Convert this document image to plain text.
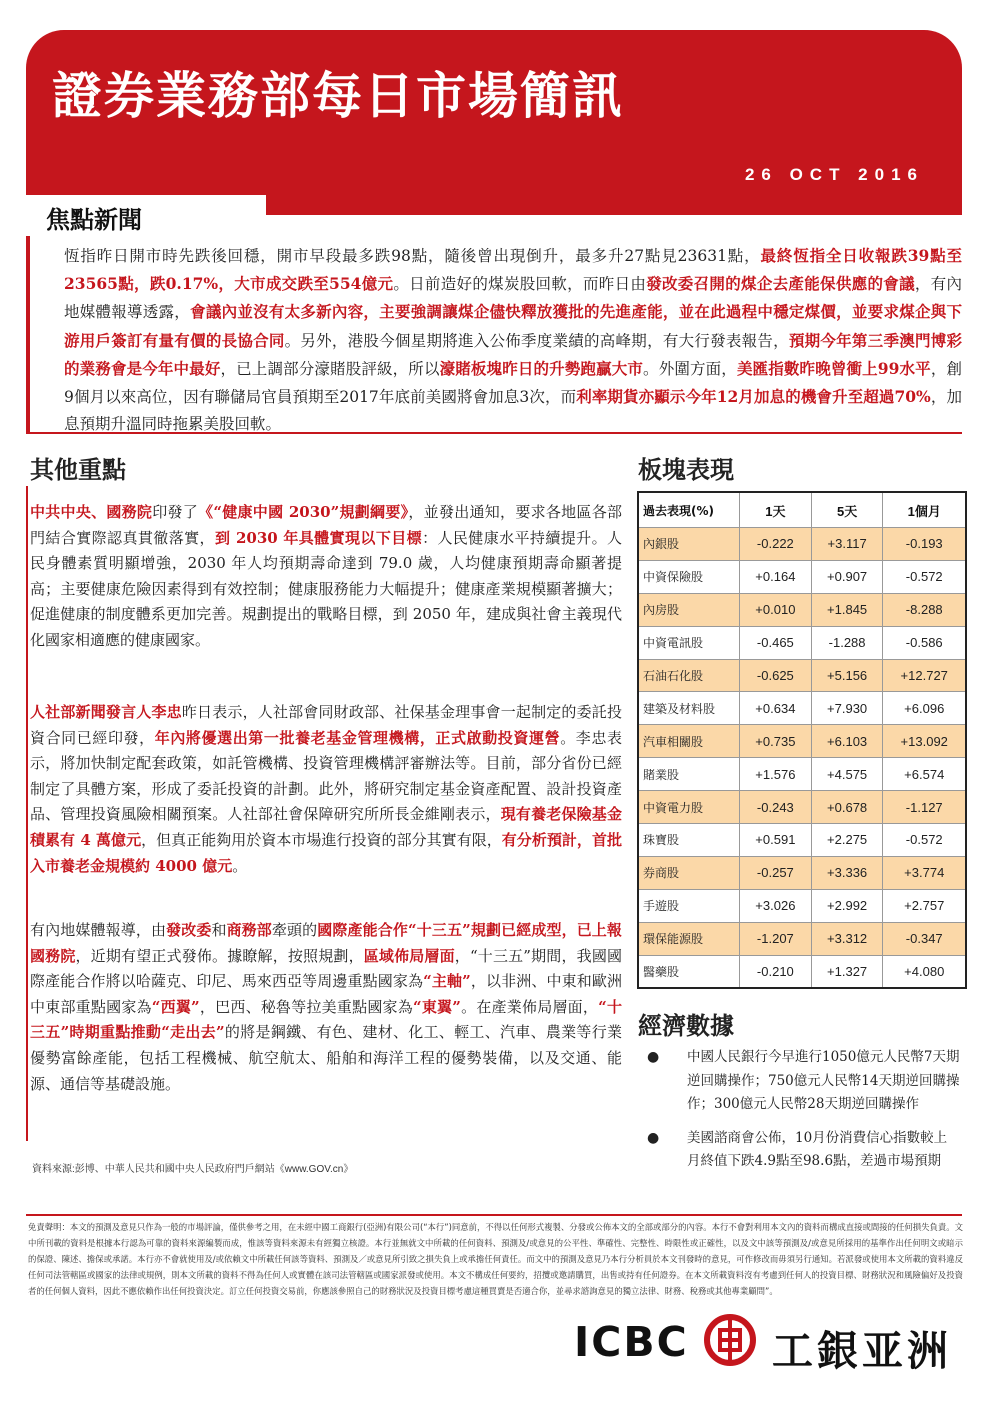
證券業務部每日市場簡訊
26 OCT 2016
焦點新聞
恆指昨日開市時先跌後回穩，開市早段最多跌98點，隨後曾出現倒升，最多升27點見23631點，最終恆指全日收報跌39點至23565點，跌0.17%，大市成交跌至554億元。日前造好的煤炭股回軟，而昨日由發改委召開的煤企去產能保供應的會議，有內地媒體報導透露，會議內並沒有太多新內容，主要強調讓煤企儘快釋放獲批的先進產能，並在此過程中穩定煤價，並要求煤企與下游用戶簽訂有量有價的長協合同。另外，港股今個星期將進入公佈季度業績的高峰期，有大行發表報告，預期今年第三季澳門博彩的業務會是今年中最好，已上調部分濠賭股評級，所以濠賭板塊昨日的升勢跑贏大市。外圍方面，美匯指數昨晚曾衝上99水平，創9個月以來高位，因有聯儲局官員預期至2017年底前美國將會加息3次，而利率期貨亦顯示今年12月加息的機會升至超過70%，加息預期升溫同時拖累美股回軟。
其他重點
中共中央、國務院印發了《“健康中國 2030”規劃綱要》，並發出通知，要求各地區各部門結合實際認真貫徹落實，到 2030 年具體實現以下目標：人民健康水平持續提升。人民身體素質明顯增強，2030 年人均預期壽命達到 79.0 歲，人均健康預期壽命顯著提高；主要健康危險因素得到有效控制；健康服務能力大幅提升；健康產業規模顯著擴大；促進健康的制度體系更加完善。規劃提出的戰略目標，到 2050 年，建成與社會主義現代化國家相適應的健康國家。
人社部新聞發言人李忠昨日表示，人社部會同財政部、社保基金理事會一起制定的委託投資合同已經印發，年內將優選出第一批養老基金管理機構，正式啟動投資運營。李忠表示，將加快制定配套政策，如託管機構、投資管理機構評審辦法等。目前，部分省份已經制定了具體方案，形成了委託投資的計劃。此外，將研究制定基金資產配置、設計投資產品、管理投資風險相關預案。人社部社會保障研究所所長金維剛表示，現有養老保險基金積累有 4 萬億元，但真正能夠用於資本市場進行投資的部分其實有限，有分析預計，首批入市養老金規模約 4000 億元。
有內地媒體報導，由發改委和商務部牽頭的國際產能合作“十三五”規劃已經成型，已上報國務院，近期有望正式發佈。據瞭解，按照規劃，區域佈局層面，“十三五”期間，我國國際產能合作將以哈薩克、印尼、馬來西亞等周邊重點國家為“主軸”，以非洲、中東和歐洲中東部重點國家為“西翼”，巴西、秘魯等拉美重點國家為“東翼”。在產業佈局層面，“十三五”時期重點推動“走出去”的將是鋼鐵、有色、建材、化工、輕工、汽車、農業等行業優勢富餘產能，包括工程機械、航空航太、船舶和海洋工程的優勢裝備，以及交通、能源、通信等基礎設施。
資料來源:彭博、中華人民共和國中央人民政府門戶網站《www.GOV.cn》
板塊表現
過去表現(%)	1天	5天	1個月
內銀股	-0.222	+3.117	-0.193
中資保險股	+0.164	+0.907	-0.572
內房股	+0.010	+1.845	-8.288
中資電訊股	-0.465	-1.288	-0.586
石油石化股	-0.625	+5.156	+12.727
建築及材料股	+0.634	+7.930	+6.096
汽車相關股	+0.735	+6.103	+13.092
賭業股	+1.576	+4.575	+6.574
中資電力股	-0.243	+0.678	-1.127
珠寶股	+0.591	+2.275	-0.572
券商股	-0.257	+3.336	+3.774
手遊股	+3.026	+2.992	+2.757
環保能源股	-1.207	+3.312	-0.347
醫藥股	-0.210	+1.327	+4.080
經濟數據
● 中國人民銀行今早進行1050億元人民幣7天期逆回購操作；750億元人民幣14天期逆回購操作；300億元人民幣28天期逆回購操作
● 美國諮商會公佈，10月份消費信心指數較上月終值下跌4.9點至98.6點，差過市場預期
免責聲明：本文的預測及意見只作為一般的市場評論，僅供參考之用，在未經中國工商銀行(亞洲)有限公司(“本行”)同意前，不得以任何形式複製、分發或公佈本文的全部或部分的內容。本行不會對利用本文內的資料而構成直接或間接的任何損失負責。文中所刊載的資料是根據本行認為可靠的資料來源編製而成，惟該等資料來源未有經獨立核證。本行並無就文中所載的任何資料、預測及/或意見的公平性、準確性、完整性、時限性或正確性，以及文中該等預測及/或意見所採用的基準作出任何明文或暗示的保證、陳述、擔保或承諾。本行亦不會就使用及/或依賴文中所載任何該等資料、預測及／或意見所引致之損失負上或承擔任何責任。而文中的預測及意見乃本行分析員於本文刊發時的意見，可作修改而毋須另行通知。若派發或使用本文所載的資料違反任何司法管轄區或國家的法律或規例，則本文所載的資料不得為任何人或實體在該司法管轄區或國家派發或使用。本文不構成任何要約，招攬或邀請購買，出售或持有任何證券。在本文所載資料沒有考慮到任何人的投資目標、財務狀況和風險偏好及投資者的任何個人資料，因此不應依賴作出任何投資決定。訂立任何投資交易前，你應該參照自己的財務狀況及投資目標考慮這種買賣是否適合你，並尋求諮詢意見的獨立法律、財務、稅務或其他專業顧問”。
ICBC 工銀亚洲
